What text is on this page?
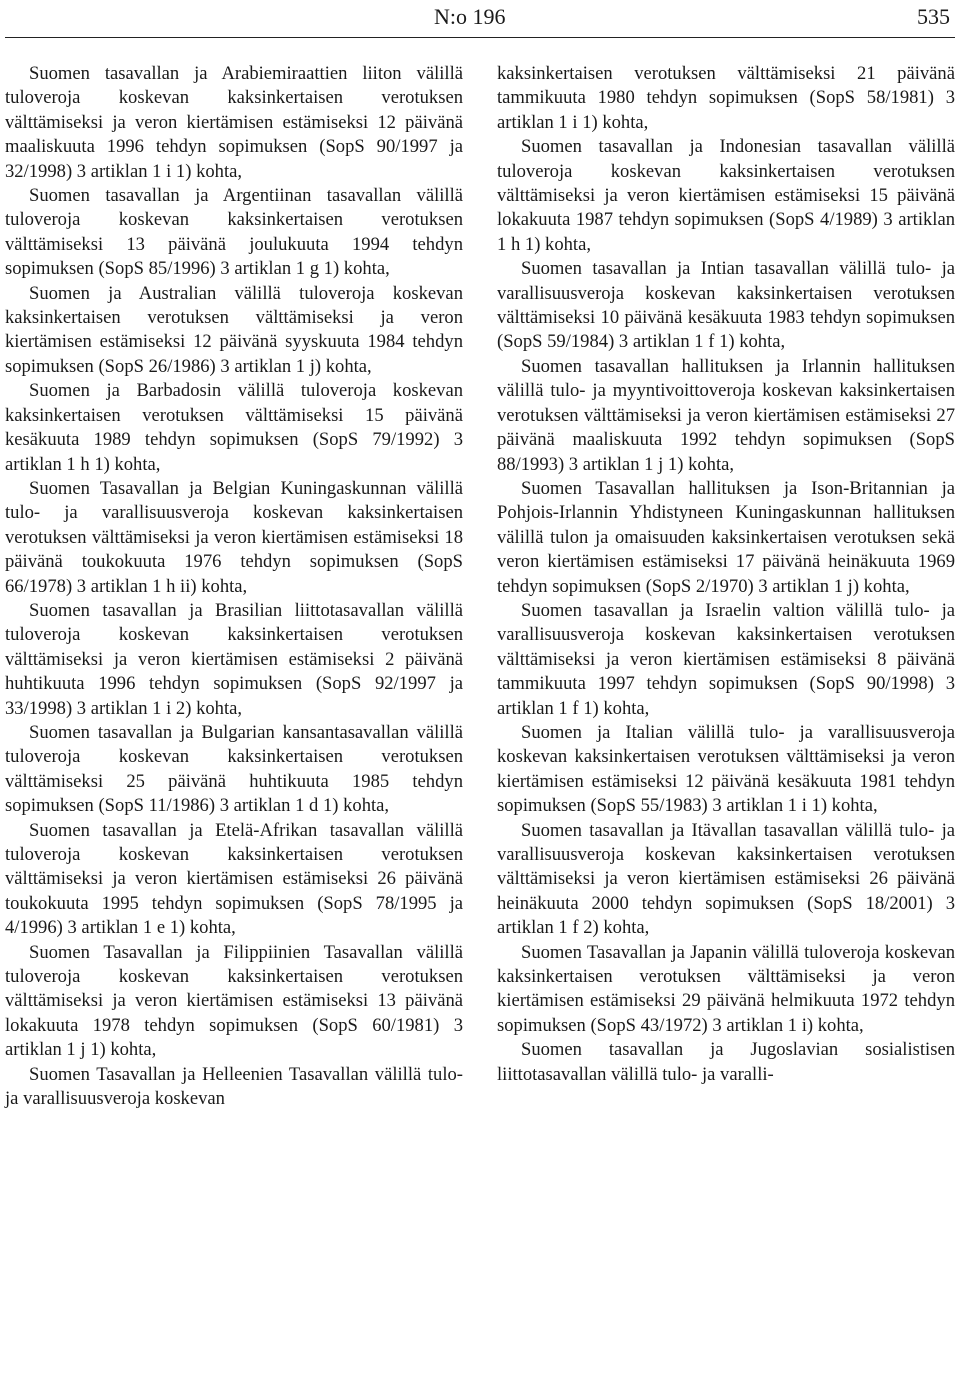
N:o 196	535

Suomen tasavallan ja Arabiemiraattien liiton välillä tuloveroja koskevan kaksinkertaisen verotuksen välttämiseksi ja veron kiertämisen estämiseksi 12 päivänä maaliskuuta 1996 tehdyn sopimuksen (SopS 90/1997 ja 32/1998) 3 artiklan 1 i 1) kohta,

Suomen tasavallan ja Argentiinan tasavallan välillä tuloveroja koskevan kaksinkertaisen verotuksen välttämiseksi 13 päivänä joulukuuta 1994 tehdyn sopimuksen (SopS 85/1996) 3 artiklan 1 g 1) kohta,

Suomen ja Australian välillä tuloveroja koskevan kaksinkertaisen verotuksen välttämiseksi ja veron kiertämisen estämiseksi 12 päivänä syyskuuta 1984 tehdyn sopimuksen (SopS 26/1986) 3 artiklan 1 j) kohta,

Suomen ja Barbadosin välillä tuloveroja koskevan kaksinkertaisen verotuksen välttämiseksi 15 päivänä kesäkuuta 1989 tehdyn sopimuksen (SopS 79/1992) 3 artiklan 1 h 1) kohta,

Suomen Tasavallan ja Belgian Kuningaskunnan välillä tulo- ja varallisuusveroja koskevan kaksinkertaisen verotuksen välttämiseksi ja veron kiertämisen estämiseksi 18 päivänä toukokuuta 1976 tehdyn sopimuksen (SopS 66/1978) 3 artiklan 1 h ii) kohta,

Suomen tasavallan ja Brasilian liittotasavallan välillä tuloveroja koskevan kaksinkertaisen verotuksen välttämiseksi ja veron kiertämisen estämiseksi 2 päivänä huhtikuuta 1996 tehdyn sopimuksen (SopS 92/1997 ja 33/1998) 3 artiklan 1 i 2) kohta,

Suomen tasavallan ja Bulgarian kansantasavallan välillä tuloveroja koskevan kaksinkertaisen verotuksen välttämiseksi 25 päivänä huhtikuuta 1985 tehdyn sopimuksen (SopS 11/1986) 3 artiklan 1 d 1) kohta,

Suomen tasavallan ja Etelä-Afrikan tasavallan välillä tuloveroja koskevan kaksinkertaisen verotuksen välttämiseksi ja veron kiertämisen estämiseksi 26 päivänä toukokuuta 1995 tehdyn sopimuksen (SopS 78/1995 ja 4/1996) 3 artiklan 1 e 1) kohta,

Suomen Tasavallan ja Filippiinien Tasavallan välillä tuloveroja koskevan kaksinkertaisen verotuksen välttämiseksi ja veron kiertämisen estämiseksi 13 päivänä lokakuuta 1978 tehdyn sopimuksen (SopS 60/1981) 3 artiklan 1 j 1) kohta,

Suomen Tasavallan ja Helleenien Tasavallan välillä tulo- ja varallisuusveroja koskevan

kaksinkertaisen verotuksen välttämiseksi 21 päivänä tammikuuta 1980 tehdyn sopimuksen (SopS 58/1981) 3 artiklan 1 i 1) kohta,

Suomen tasavallan ja Indonesian tasavallan välillä tuloveroja koskevan kaksinkertaisen verotuksen välttämiseksi ja veron kiertämisen estämiseksi 15 päivänä lokakuuta 1987 tehdyn sopimuksen (SopS 4/1989) 3 artiklan 1 h 1) kohta,

Suomen tasavallan ja Intian tasavallan välillä tulo- ja varallisuusveroja koskevan kaksinkertaisen verotuksen välttämiseksi 10 päivänä kesäkuuta 1983 tehdyn sopimuksen (SopS 59/1984) 3 artiklan 1 f 1) kohta,

Suomen tasavallan hallituksen ja Irlannin hallituksen välillä tulo- ja myyntivoittoveroja koskevan kaksinkertaisen verotuksen välttämiseksi ja veron kiertämisen estämiseksi 27 päivänä maaliskuuta 1992 tehdyn sopimuksen (SopS 88/1993) 3 artiklan 1 j 1) kohta,

Suomen Tasavallan hallituksen ja Ison-Britannian ja Pohjois-Irlannin Yhdistyneen Kuningaskunnan hallituksen välillä tulon ja omaisuuden kaksinkertaisen verotuksen sekä veron kiertämisen estämiseksi 17 päivänä heinäkuuta 1969 tehdyn sopimuksen (SopS 2/1970) 3 artiklan 1 j) kohta,

Suomen tasavallan ja Israelin valtion välillä tulo- ja varallisuusveroja koskevan kaksinkertaisen verotuksen välttämiseksi ja veron kiertämisen estämiseksi 8 päivänä tammikuuta 1997 tehdyn sopimuksen (SopS 90/1998) 3 artiklan 1 f 1) kohta,

Suomen ja Italian välillä tulo- ja varallisuusveroja koskevan kaksinkertaisen verotuksen välttämiseksi ja veron kiertämisen estämiseksi 12 päivänä kesäkuuta 1981 tehdyn sopimuksen (SopS 55/1983) 3 artiklan 1 i 1) kohta,

Suomen tasavallan ja Itävallan tasavallan välillä tulo- ja varallisuusveroja koskevan kaksinkertaisen verotuksen välttämiseksi ja veron kiertämisen estämiseksi 26 päivänä heinäkuuta 2000 tehdyn sopimuksen (SopS 18/2001) 3 artiklan 1 f 2) kohta,

Suomen Tasavallan ja Japanin välillä tuloveroja koskevan kaksinkertaisen verotuksen välttämiseksi ja veron kiertämisen estämiseksi 29 päivänä helmikuuta 1972 tehdyn sopimuksen (SopS 43/1972) 3 artiklan 1 i) kohta,

Suomen tasavallan ja Jugoslavian sosialistisen liittotasavallan välillä tulo- ja varalli-
